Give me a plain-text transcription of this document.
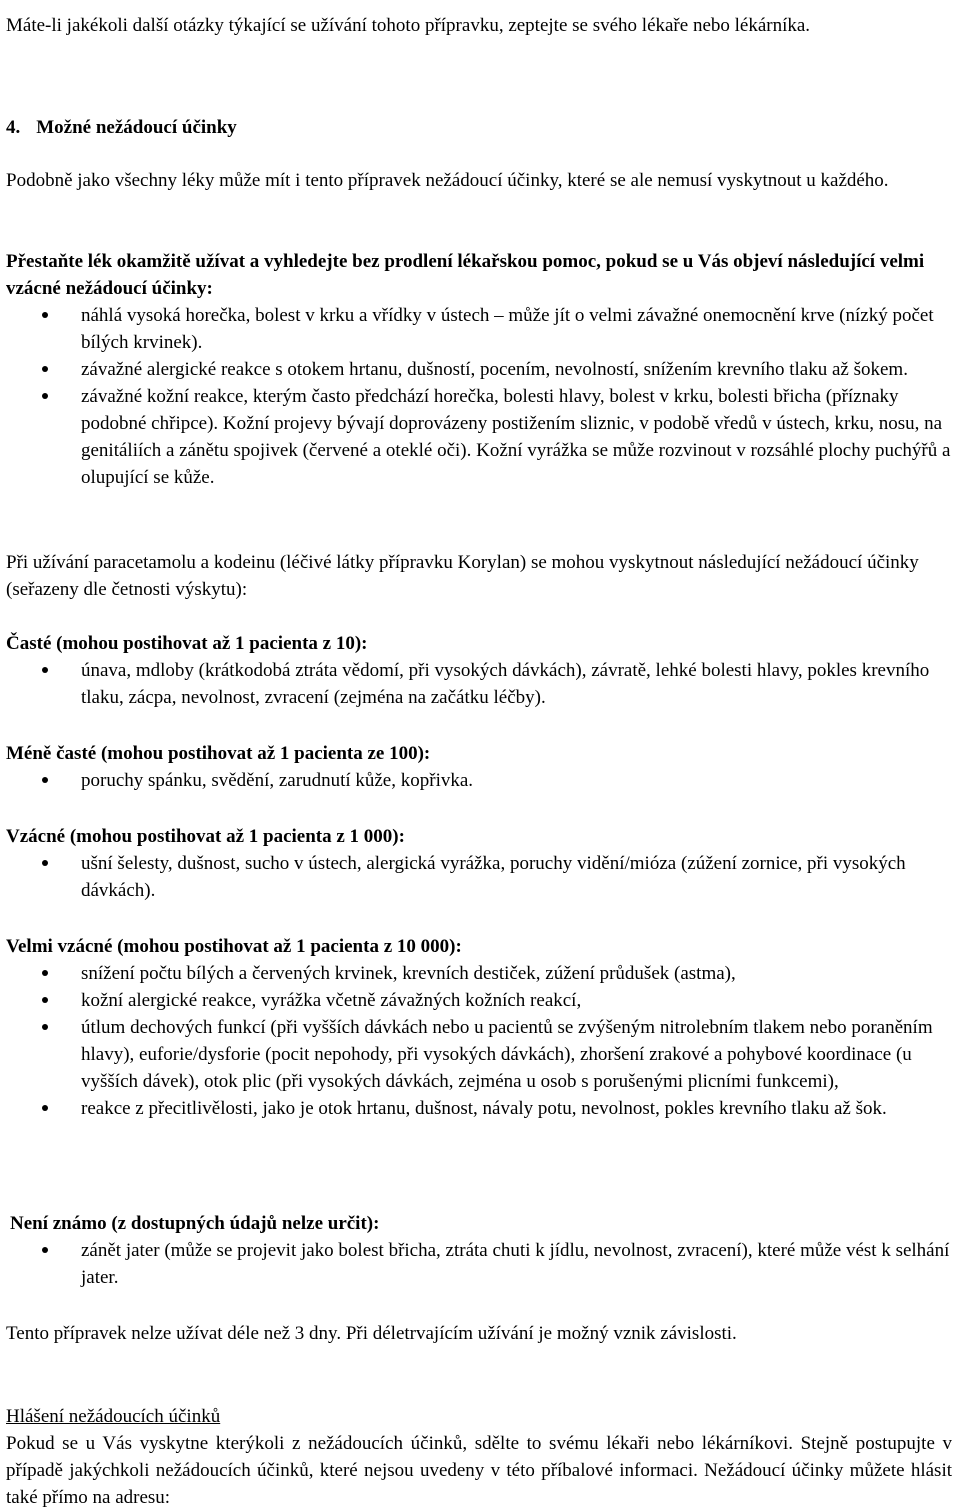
Máte-li jakékoli další otázky týkající se užívání tohoto přípravku, zeptejte se svého lékaře nebo lékárníka.

4. Možné nežádoucí účinky

Podobně jako všechny léky může mít i tento přípravek nežádoucí účinky, které se ale nemusí vyskytnout u každého.

Přestaňte lék okamžitě užívat a vyhledejte bez prodlení lékařskou pomoc, pokud se u Vás objeví následující velmi vzácné nežádoucí účinky:
náhlá vysoká horečka, bolest v krku a vřídky v ústech – může jít o velmi závažné onemocnění krve (nízký počet bílých krvinek).
závažné alergické reakce s otokem hrtanu, dušností, pocením, nevolností, snížením krevního tlaku až šokem.
závažné kožní reakce, kterým často předchází horečka, bolesti hlavy, bolest v krku, bolesti břicha (příznaky podobné chřipce). Kožní projevy bývají doprovázeny postižením sliznic, v podobě vředů v ústech, krku, nosu, na genitáliích a zánětu spojivek (červené a oteklé oči). Kožní vyrážka se může rozvinout v rozsáhlé plochy puchýřů a olupující se kůže.

Při užívání paracetamolu a kodeinu (léčivé látky přípravku Korylan) se mohou vyskytnout následující nežádoucí účinky (seřazeny dle četnosti výskytu):

Časté (mohou postihovat až 1 pacienta z 10):
únava, mdloby (krátkodobá ztráta vědomí, při vysokých dávkách), závratě, lehké bolesti hlavy, pokles krevního tlaku, zácpa, nevolnost, zvracení (zejména na začátku léčby).
Méně časté (mohou postihovat až 1 pacienta ze 100):
poruchy spánku, svědění, zarudnutí kůže, kopřivka.
Vzácné (mohou postihovat až 1 pacienta z 1 000):
ušní šelesty, dušnost, sucho v ústech, alergická vyrážka, poruchy vidění/mióza (zúžení zornice, při vysokých dávkách).
Velmi vzácné (mohou postihovat až 1 pacienta z 10 000):
snížení počtu bílých a červených krvinek, krevních destiček, zúžení průdušek (astma),
kožní alergické reakce, vyrážka včetně závažných kožních reakcí,
útlum dechových funkcí (při vyšších dávkách nebo u pacientů se zvýšeným nitrolebním tlakem nebo poraněním hlavy), euforie/dysforie (pocit nepohody, při vysokých dávkách), zhoršení zrakové a pohybové koordinace (u vyšších dávek), otok plic (při vysokých dávkách, zejména u osob s porušenými plicními funkcemi),
reakce z přecitlivělosti, jako je otok hrtanu, dušnost, návaly potu, nevolnost, pokles krevního tlaku až šok.
Není známo (z dostupných údajů nelze určit):
zánět jater (může se projevit jako bolest břicha, ztráta chuti k jídlu, nevolnost, zvracení), které může vést k selhání jater.

Tento přípravek nelze užívat déle než 3 dny. Při déletrvajícím užívání je možný vznik závislosti.

Hlášení nežádoucích účinků
Pokud se u Vás vyskytne kterýkoli z nežádoucích účinků, sdělte to svému lékaři nebo lékárníkovi. Stejně postupujte v případě jakýchkoli nežádoucích účinků, které nejsou uvedeny v této příbalové informaci. Nežádoucí účinky můžete hlásit také přímo na adresu:
